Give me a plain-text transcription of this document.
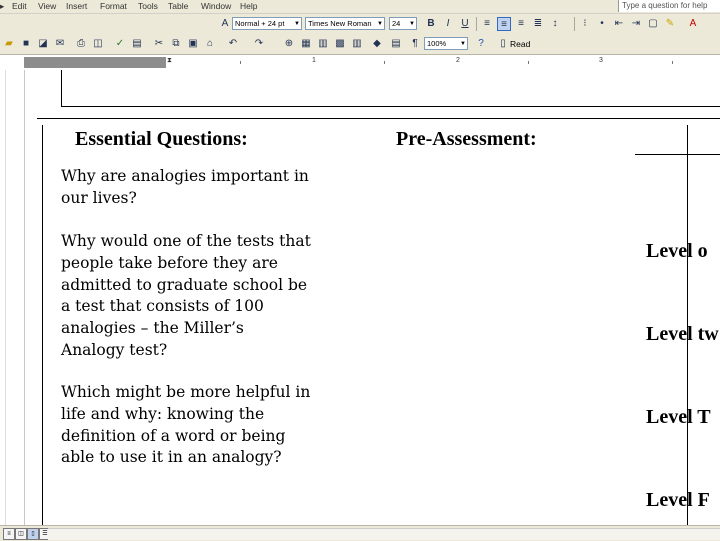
▸ Edit View Insert Format Tools Table Window Help	Type a question for help
A Normal + 24 pt ▼	Times New Roman ▼	24 ▼	B	I	U	≡	≡	≡ ≣	↕	⁝	•	⇤ ⇥ ▢ ✎	A
▰	■ ◪ ✉	⎙ ◫ ✓ ▤ ✂ ⧉ ▣ ⌂	↶ ↷ ⊕ ▦ ▥ ▩ ▥	◆	▤	¶	100% ▼	?	▯ Read
⧗	1	2	3
Essential Questions:	Pre-Assessment:
Why are analogies important in our lives?
Why would one of the tests that people take before they are admitted to graduate school be a test that consists of 100 analogies – the Miller’s Analogy test?
Which might be more helpful in life and why: knowing the definition of a word or being able to use it in an analogy?
Level o
Level tw
Level T
Level F
≡	◫	▯	☰
